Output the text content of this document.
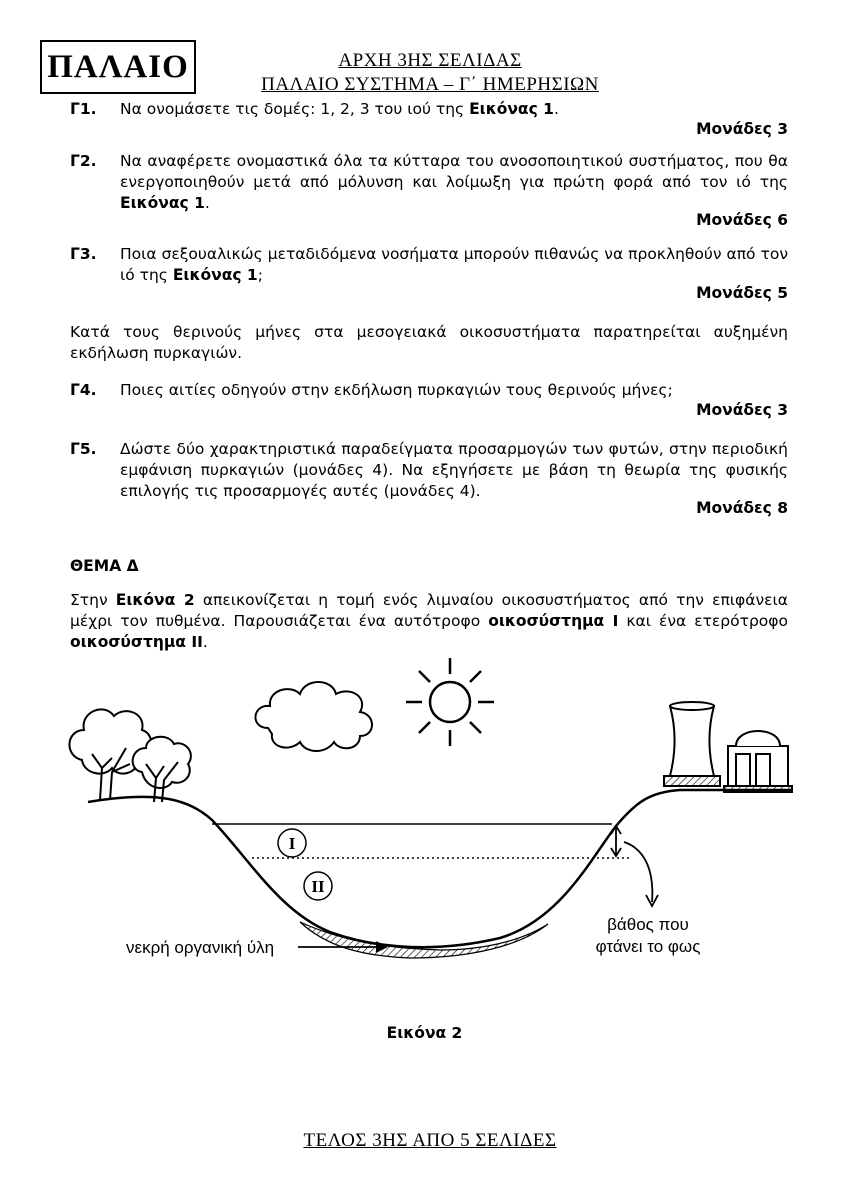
ΠΑΛΑΙΟ	ΑΡΧΗ 3ΗΣ ΣΕΛΙΔΑΣ
ΠΑΛΑΙΟ ΣΥΣΤΗΜΑ – Γ΄ ΗΜΕΡΗΣΙΩΝ
Γ1. Να ονομάσετε τις δομές: 1, 2, 3 του ιού της Εικόνας 1.
Μονάδες 3
Γ2. Να αναφέρετε ονομαστικά όλα τα κύτταρα του ανοσοποιητικού συστήματος, που θα ενεργοποιηθούν μετά από μόλυνση και λοίμωξη για πρώτη φορά από τον ιό της Εικόνας 1.
Μονάδες 6
Γ3. Ποια σεξουαλικώς μεταδιδόμενα νοσήματα μπορούν πιθανώς να προκληθούν από τον ιό της Εικόνας 1;
Μονάδες 5
Κατά τους θερινούς μήνες στα μεσογειακά οικοσυστήματα παρατηρείται αυξημένη εκδήλωση πυρκαγιών.
Γ4. Ποιες αιτίες οδηγούν στην εκδήλωση πυρκαγιών τους θερινούς μήνες;
Μονάδες 3
Γ5. Δώστε δύο χαρακτηριστικά παραδείγματα προσαρμογών των φυτών, στην περιοδική εμφάνιση πυρκαγιών (μονάδες 4). Να εξηγήσετε με βάση τη θεωρία της φυσικής επιλογής τις προσαρμογές αυτές (μονάδες 4).
Μονάδες 8
ΘΕΜΑ Δ
Στην Εικόνα 2 απεικονίζεται η τομή ενός λιμναίου οικοσυστήματος από την επιφάνεια μέχρι τον πυθμένα. Παρουσιάζεται ένα αυτότροφο οικοσύστημα I και ένα ετερότροφο οικοσύστημα II.
I
II
νεκρή οργανική ύλη
βάθος που
φτάνει το φως
Εικόνα 2
ΤΕΛΟΣ 3ΗΣ ΑΠΟ 5 ΣΕΛΙΔΕΣ
